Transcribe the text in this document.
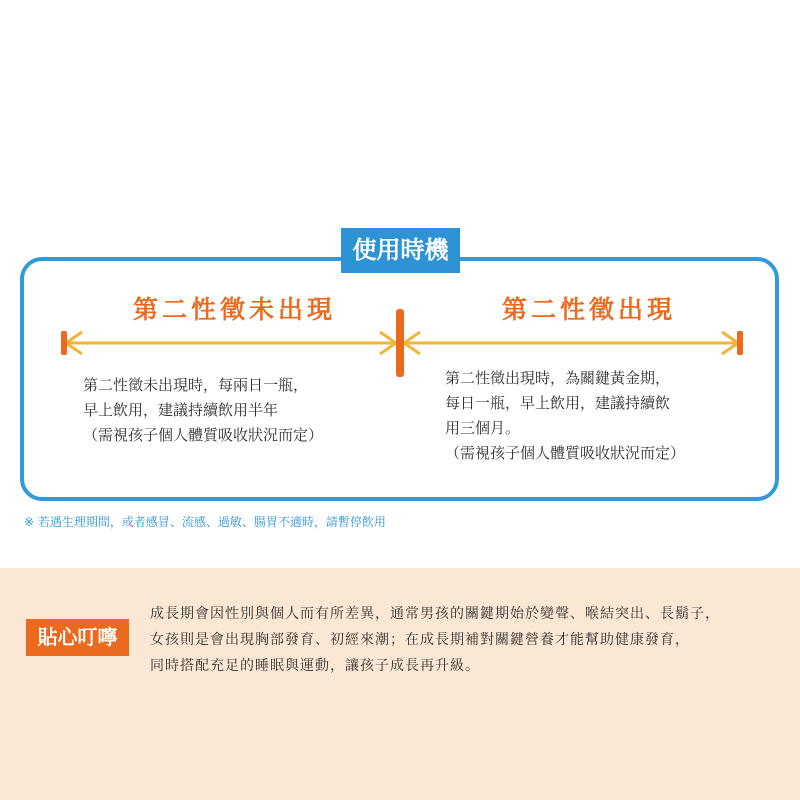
使用時機
第二性徵未出現	第二性徵出現
第二性徵未出現時，每兩日一瓶，
早上飲用，建議持續飲用半年
（需視孩子個人體質吸收狀況而定）
第二性徵出現時，為關鍵黃金期，
每日一瓶，早上飲用，建議持續飲
用三個月。
（需視孩子個人體質吸收狀況而定）
※ 若遇生理期間，或者感冒、流感、過敏、腸胃不適時，請暫停飲用
貼心叮嚀
成長期會因性別與個人而有所差異，通常男孩的關鍵期始於變聲、喉結突出、長鬍子，
女孩則是會出現胸部發育、初經來潮；在成長期補對關鍵營養才能幫助健康發育，
同時搭配充足的睡眠與運動，讓孩子成長再升級。
